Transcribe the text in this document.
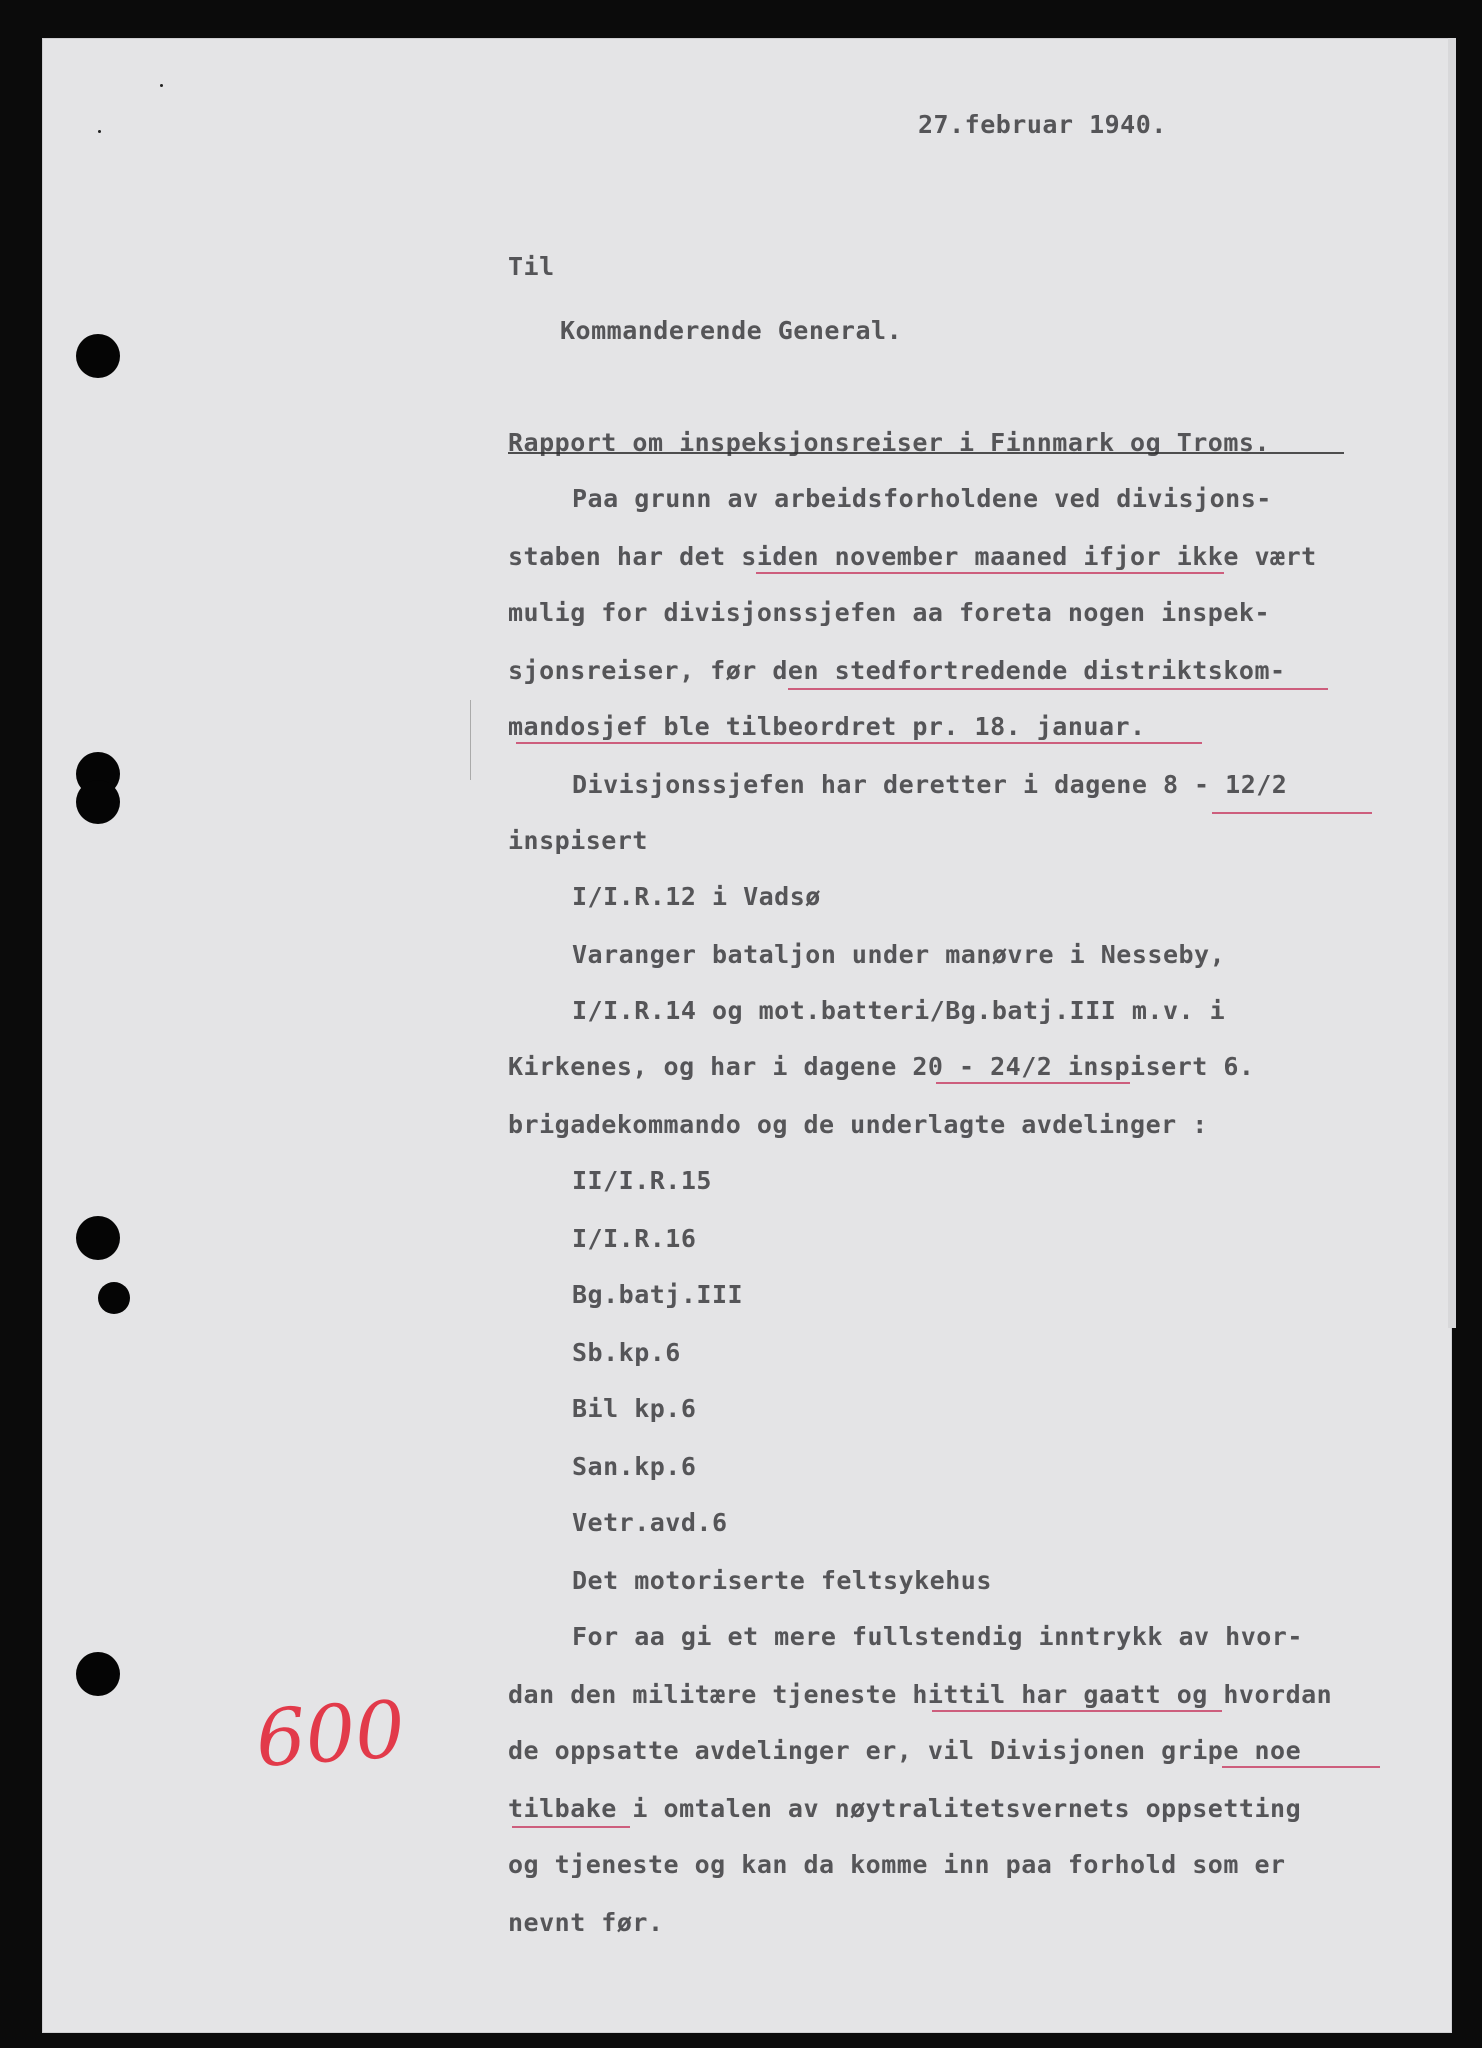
27.februar 1940.
Til
Kommanderende General.
Rapport om inspeksjonsreiser i Finnmark og Troms.
Paa grunn av arbeidsforholdene ved divisjons-
staben har det siden november maaned ifjor ikke vært
mulig for divisjonssjefen aa foreta nogen inspek-
sjonsreiser, før den stedfortredende distriktskom-
mandosjef ble tilbeordret pr. 18. januar.
Divisjonssjefen har deretter i dagene 8 - 12/2
inspisert
I/I.R.12 i Vadsø
Varanger bataljon under manøvre i Nesseby,
I/I.R.14 og mot.batteri/Bg.batj.III m.v. i
Kirkenes, og har i dagene 20 - 24/2 inspisert 6.
brigadekommando og de underlagte avdelinger :
II/I.R.15
I/I.R.16
Bg.batj.III
Sb.kp.6
Bil kp.6
San.kp.6
Vetr.avd.6
Det motoriserte feltsykehus
For aa gi et mere fullstendig inntrykk av hvor-
dan den militære tjeneste hittil har gaatt og hvordan
de oppsatte avdelinger er, vil Divisjonen gripe noe
tilbake i omtalen av nøytralitetsvernets oppsetting
og tjeneste og kan da komme inn paa forhold som er
nevnt før.
600
